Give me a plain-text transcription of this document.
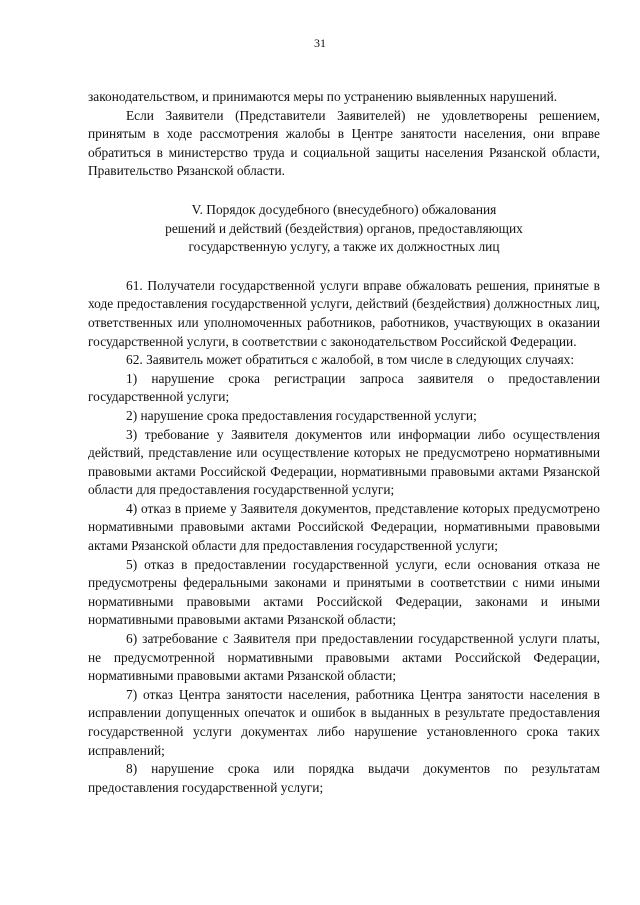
31

законодательством, и принимаются меры по устранению выявленных нарушений.

Если Заявители (Представители Заявителей) не удовлетворены решением, принятым в ходе рассмотрения жалобы в Центре занятости населения, они вправе обратиться в министерство труда и социальной защиты населения Рязанской области, Правительство Рязанской области.

V. Порядок досудебного (внесудебного) обжалования
решений и действий (бездействия) органов, предоставляющих
государственную услугу, а также их должностных лиц

61. Получатели государственной услуги вправе обжаловать решения, принятые в ходе предоставления государственной услуги, действий (бездействия) должностных лиц, ответственных или уполномоченных работников, работников, участвующих в оказании государственной услуги, в соответствии с законодательством Российской Федерации.

62. Заявитель может обратиться с жалобой, в том числе в следующих случаях:

1) нарушение срока регистрации запроса заявителя о предоставлении государственной услуги;

2) нарушение срока предоставления государственной услуги;

3) требование у Заявителя документов или информации либо осуществления действий, представление или осуществление которых не предусмотрено нормативными правовыми актами Российской Федерации, нормативными правовыми актами Рязанской области для предоставления государственной услуги;

4) отказ в приеме у Заявителя документов, представление которых предусмотрено нормативными правовыми актами Российской Федерации, нормативными правовыми актами Рязанской области для предоставления государственной услуги;

5) отказ в предоставлении государственной услуги, если основания отказа не предусмотрены федеральными законами и принятыми в соответствии с ними иными нормативными правовыми актами Российской Федерации, законами и иными нормативными правовыми актами Рязанской области;

6) затребование с Заявителя при предоставлении государственной услуги платы, не предусмотренной нормативными правовыми актами Российской Федерации, нормативными правовыми актами Рязанской области;

7) отказ Центра занятости населения, работника Центра занятости населения в исправлении допущенных опечаток и ошибок в выданных в результате предоставления государственной услуги документах либо нарушение установленного срока таких исправлений;

8) нарушение срока или порядка выдачи документов по результатам предоставления государственной услуги;
